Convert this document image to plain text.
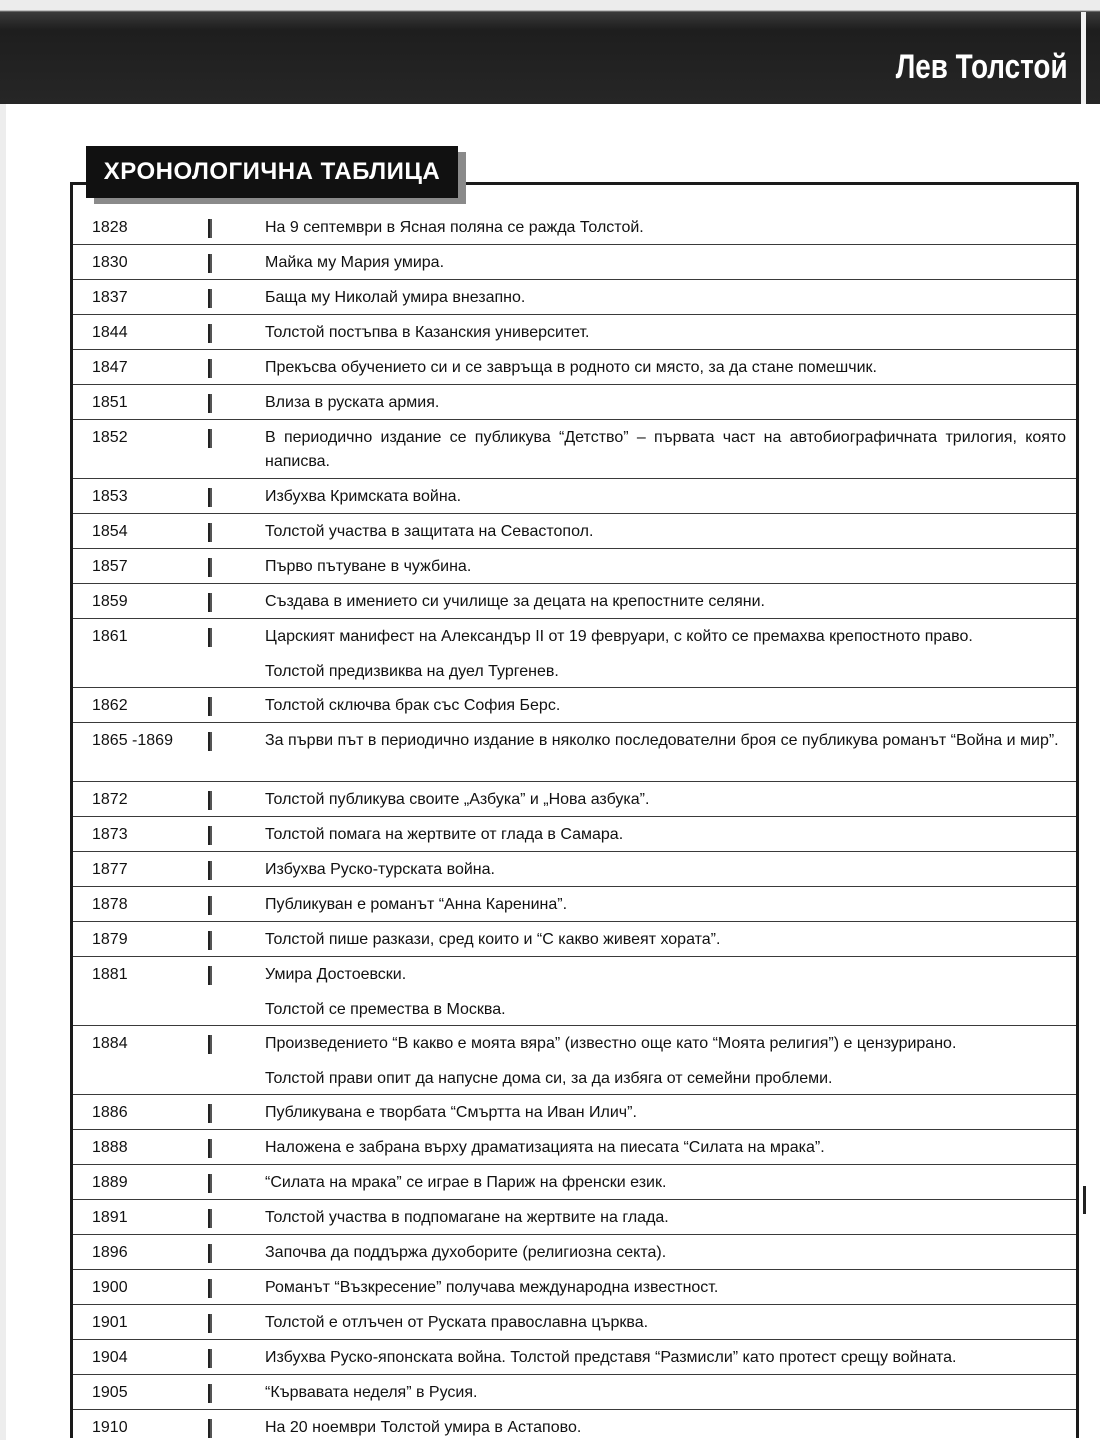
Лев Толстой
ХРОНОЛОГИЧНА ТАБЛИЦА
1828	На 9 септември в Ясная поляна се ражда Толстой.
1830	Майка му Мария умира.
1837	Баща му Николай умира внезапно.
1844	Толстой постъпва в Казанския университет.
1847	Прекъсва обучението си и се завръща в родното си място, за да стане помешчик.
1851	Влиза в руската армия.
1852	В периодично издание се публикува “Детство” – първата част на автобиографичната трилогия, която написва.
1853	Избухва Кримската война.
1854	Толстой участва в защитата на Севастопол.
1857	Първо пътуване в чужбина.
1859	Създава в имението си училище за децата на крепостните селяни.
1861	Царският манифест на Александър II от 19 февруари, с който се премахва крепостното право.
Толстой предизвиква на дуел Тургенев.
1862	Толстой сключва брак със София Берс.
1865 -1869	За първи път в периодично издание в няколко последователни броя се публикува романът “Война и мир”.
1872	Толстой публикува своите „Азбука” и „Нова азбука”.
1873	Толстой помага на жертвите от глада в Самара.
1877	Избухва Руско-турската война.
1878	Публикуван е романът “Анна Каренина”.
1879	Толстой пише разкази, сред които и “С какво живеят хората”.
1881	Умира Достоевски.
Толстой се премества в Москва.
1884	Произведението “В какво е моята вяра” (известно още като “Моята религия”) е цензурирано.
Толстой прави опит да напусне дома си, за да избяга от семейни проблеми.
1886	Публикувана е творбата “Смъртта на Иван Илич”.
1888	Наложена е забрана върху драматизацията на пиесата “Силата на мрака”.
1889	“Силата на мрака” се играе в Париж на френски език.
1891	Толстой участва в подпомагане на жертвите на глада.
1896	Започва да поддържа духоборите (религиозна секта).
1900	Романът “Възкресение” получава международна известност.
1901	Толстой е отлъчен от Руската православна църква.
1904	Избухва Руско-японската война. Толстой представя “Размисли” като протест срещу войната.
1905	“Кървавата неделя” в Русия.
1910	На 20 ноември Толстой умира в Астапово.
